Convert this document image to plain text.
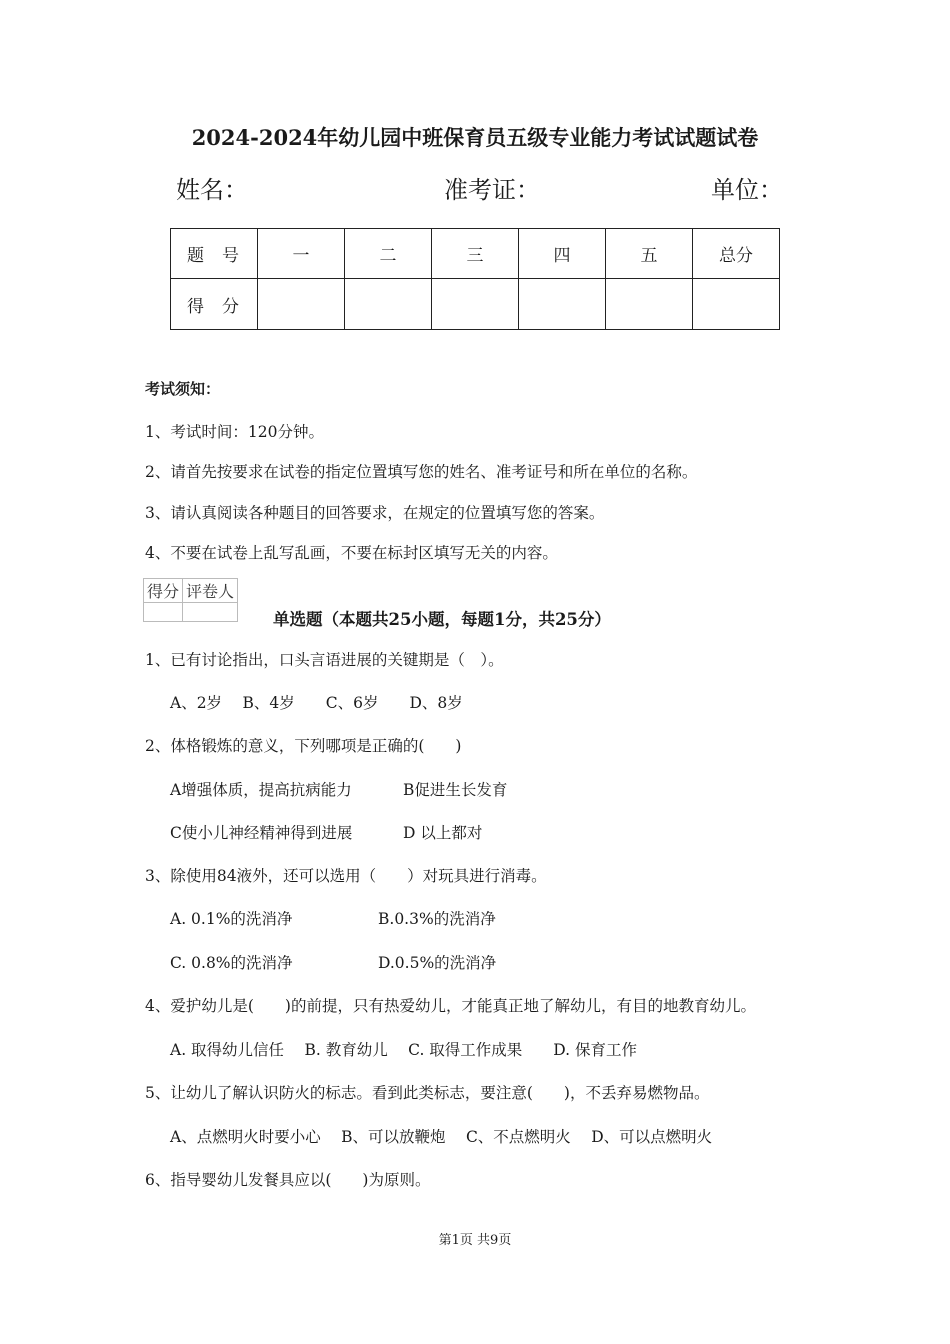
2024-2024年幼儿园中班保育员五级专业能力考试试题试卷
姓名：	准考证：	单位：
题号	一	二	三	四	五	总分
得分						
考试须知：
1、考试时间：120分钟。
2、请首先按要求在试卷的指定位置填写您的姓名、准考证号和所在单位的名称。
3、请认真阅读各种题目的回答要求，在规定的位置填写您的答案。
4、不要在试卷上乱写乱画，不要在标封区填写无关的内容。
得分	评卷人

单选题（本题共25小题，每题1分，共25分）
1、已有讨论指出，口头言语进展的关键期是（　）。
A、2岁　 B、4岁　　C、6岁　　D、8岁
2、体格锻炼的意义，下列哪项是正确的(　　)
A增强体质，提高抗病能力	B促进生长发育
C使小儿神经精神得到进展	D 以上都对
3、除使用84液外，还可以选用（　　）对玩具进行消毒。
A. 0.1%的洗消净	B.0.3%的洗消净
C. 0.8%的洗消净	D.0.5%的洗消净
4、爱护幼儿是(　　)的前提，只有热爱幼儿，才能真正地了解幼儿，有目的地教育幼儿。
A. 取得幼儿信任　 B. 教育幼儿　 C. 取得工作成果　　D. 保育工作
5、让幼儿了解认识防火的标志。看到此类标志，要注意(　　)，不丢弃易燃物品。
A、点燃明火时要小心　 B、可以放鞭炮　 C、不点燃明火　 D、可以点燃明火
6、指导婴幼儿发餐具应以(　　)为原则。
第1页 共9页
